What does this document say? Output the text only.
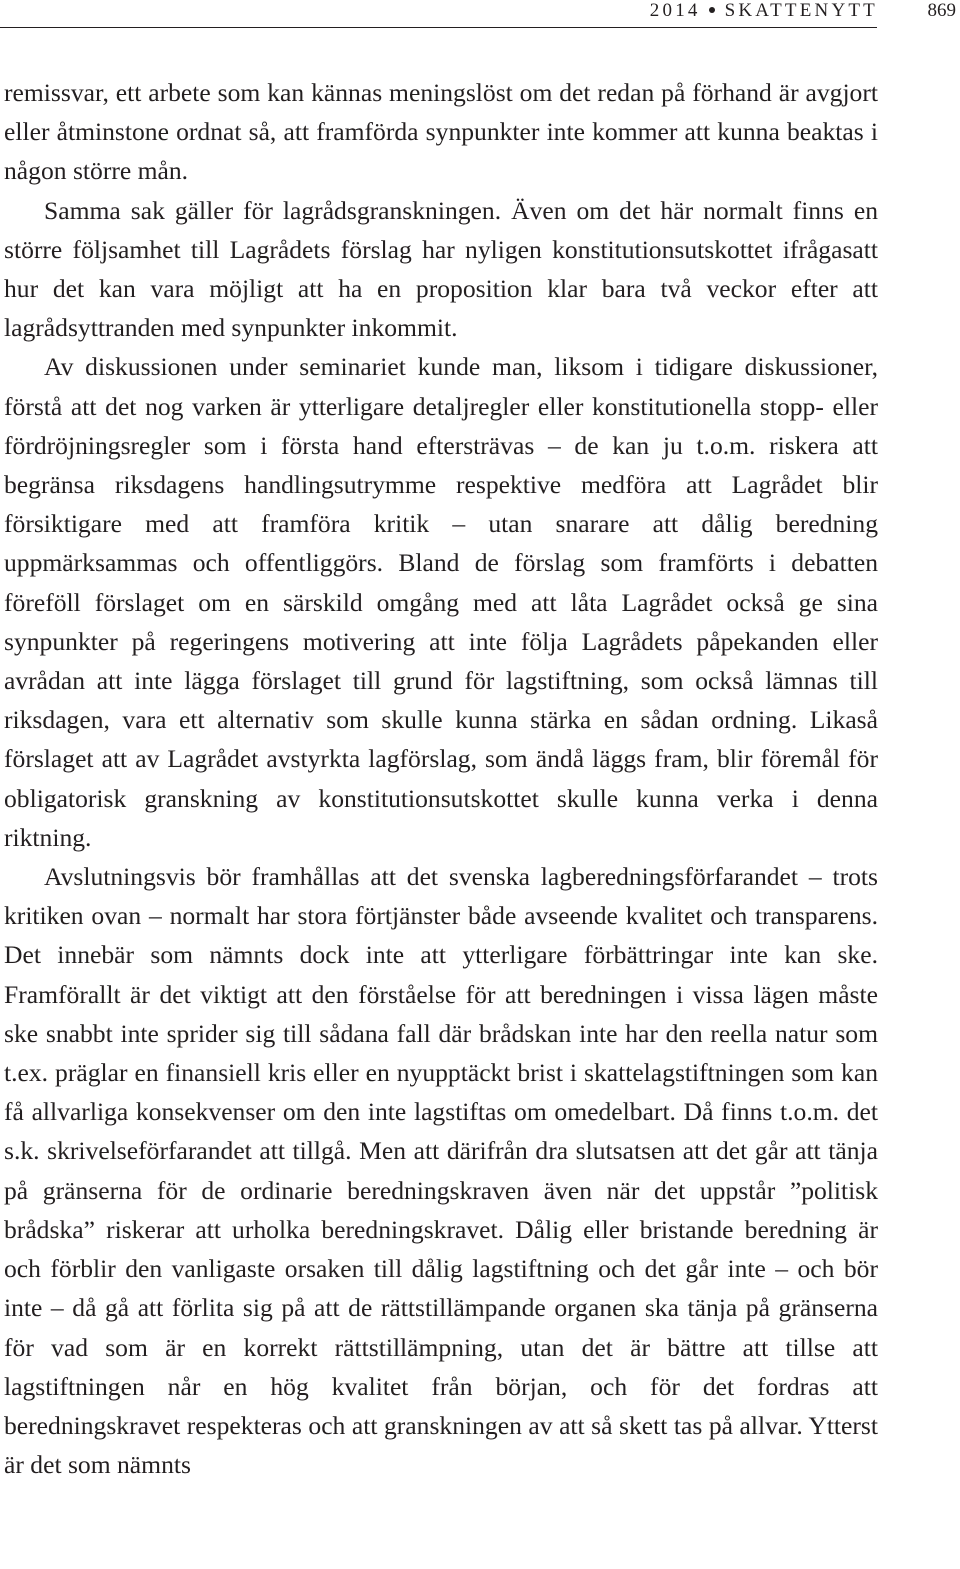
2014 SKATTENYTT	869

remissvar, ett arbete som kan kännas meningslöst om det redan på förhand är avgjort eller åtminstone ordnat så, att framförda synpunkter inte kommer att kunna beaktas i någon större mån.

Samma sak gäller för lagrådsgranskningen. Även om det här normalt finns en större följsamhet till Lagrådets förslag har nyligen konstitutionsutskottet ifrågasatt hur det kan vara möjligt att ha en proposition klar bara två veckor efter att lagrådsyttranden med synpunkter inkommit.

Av diskussionen under seminariet kunde man, liksom i tidigare diskussioner, förstå att det nog varken är ytterligare detaljregler eller konstitutionella stopp- eller fördröjningsregler som i första hand eftersträvas – de kan ju t.o.m. riskera att begränsa riksdagens handlingsutrymme respektive medföra att Lagrådet blir försiktigare med att framföra kritik – utan snarare att dålig beredning uppmärksammas och offentliggörs. Bland de förslag som framförts i debatten föreföll förslaget om en särskild omgång med att låta Lagrådet också ge sina synpunkter på regeringens motivering att inte följa Lagrådets påpekanden eller avrådan att inte lägga förslaget till grund för lagstiftning, som också lämnas till riksdagen, vara ett alternativ som skulle kunna stärka en sådan ordning. Likaså förslaget att av Lagrådet avstyrkta lagförslag, som ändå läggs fram, blir föremål för obligatorisk granskning av konstitutionsutskottet skulle kunna verka i denna riktning.

Avslutningsvis bör framhållas att det svenska lagberedningsförfarandet – trots kritiken ovan – normalt har stora förtjänster både avseende kvalitet och transparens. Det innebär som nämnts dock inte att ytterligare förbättringar inte kan ske. Framförallt är det viktigt att den förståelse för att beredningen i vissa lägen måste ske snabbt inte sprider sig till sådana fall där brådskan inte har den reella natur som t.ex. präglar en finansiell kris eller en nyupptäckt brist i skattelagstiftningen som kan få allvarliga konsekvenser om den inte lagstiftas om omedelbart. Då finns t.o.m. det s.k. skrivelseförfarandet att tillgå. Men att därifrån dra slutsatsen att det går att tänja på gränserna för de ordinarie beredningskraven även när det uppstår ”politisk brådska” riskerar att urholka beredningskravet. Dålig eller bristande beredning är och förblir den vanligaste orsaken till dålig lagstiftning och det går inte – och bör inte – då gå att förlita sig på att de rättstillämpande organen ska tänja på gränserna för vad som är en korrekt rättstillämpning, utan det är bättre att tillse att lagstiftningen når en hög kvalitet från början, och för det fordras att beredningskravet respekteras och att granskningen av att så skett tas på allvar. Ytterst är det som nämnts
